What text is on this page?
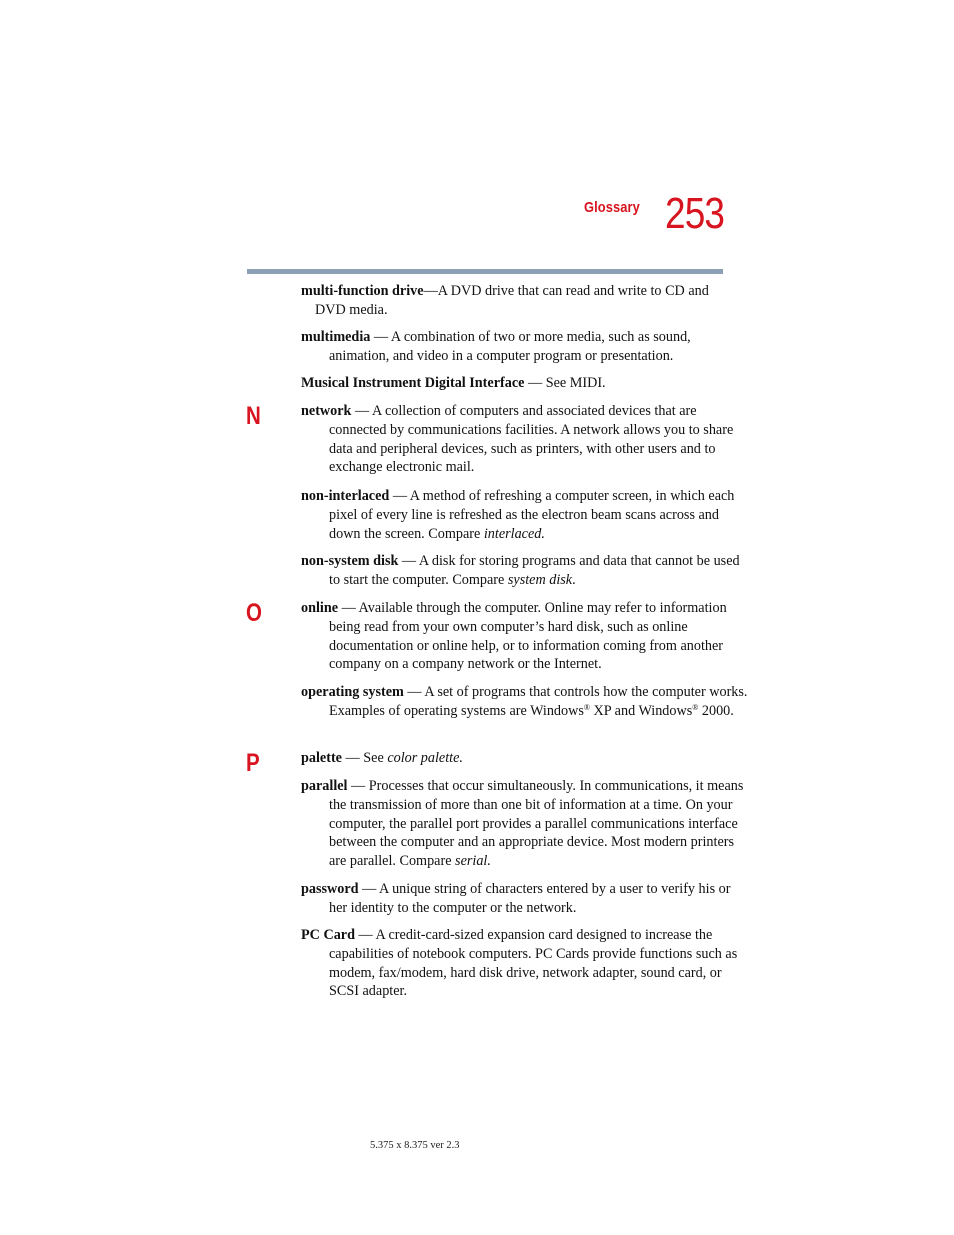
Glossary 253
N
O
P

multi-function drive—A DVD drive that can read and write to CD and DVD media.

multimedia — A combination of two or more media, such as sound, animation, and video in a computer program or presentation.

Musical Instrument Digital Interface — See MIDI.

network — A collection of computers and associated devices that are connected by communications facilities. A network allows you to share data and peripheral devices, such as printers, with other users and to exchange electronic mail.

non-interlaced — A method of refreshing a computer screen, in which each pixel of every line is refreshed as the electron beam scans across and down the screen. Compare interlaced.

non-system disk — A disk for storing programs and data that cannot be used to start the computer. Compare system disk.

online — Available through the computer. Online may refer to information being read from your own computer’s hard disk, such as online documentation or online help, or to information coming from another company on a company network or the Internet.

operating system — A set of programs that controls how the computer works. Examples of operating systems are Windows® XP and Windows® 2000.

palette — See color palette.

parallel — Processes that occur simultaneously. In communications, it means the transmission of more than one bit of information at a time. On your computer, the parallel port provides a parallel communications interface between the computer and an appropriate device. Most modern printers are parallel. Compare serial.

password — A unique string of characters entered by a user to verify his or her identity to the computer or the network.

PC Card — A credit-card-sized expansion card designed to increase the capabilities of notebook computers. PC Cards provide functions such as modem, fax/modem, hard disk drive, network adapter, sound card, or SCSI adapter.

5.375 x 8.375 ver 2.3
